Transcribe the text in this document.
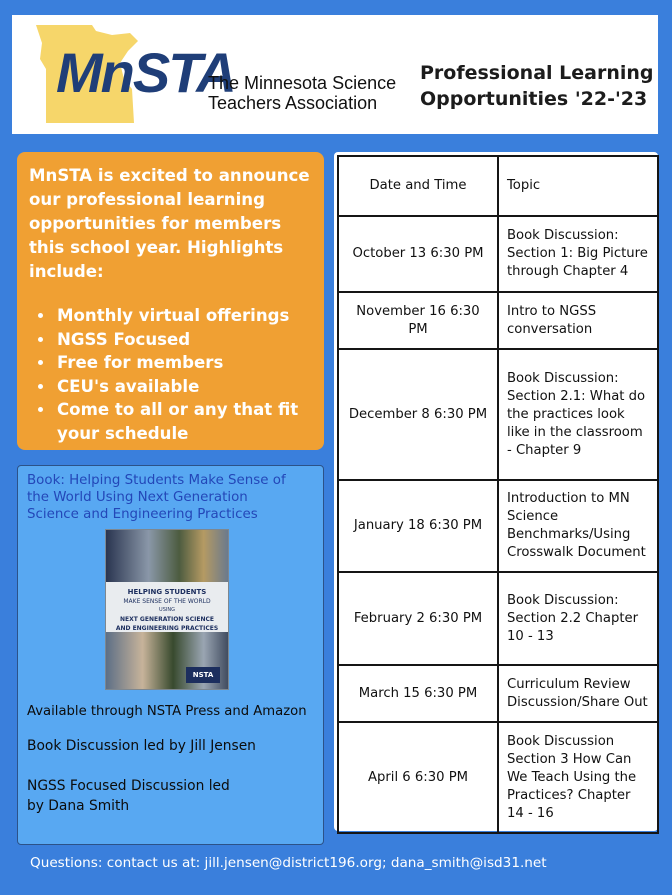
MnSTA
The Minnesota Science
Teachers Association
Professional Learning
Opportunities '22-'23
MnSTA is excited to announce our professional learning opportunities for members this school year. Highlights include:
• Monthly virtual offerings
• NGSS Focused
• Free for members
• CEU's available
• Come to all or any that fit your schedule
Book: Helping Students Make Sense of
the World Using Next Generation
Science and Engineering Practices
HELPING STUDENTS
MAKE SENSE OF THE WORLD
USING
NEXT GENERATION SCIENCE
AND ENGINEERING PRACTICES
NSTA
Available through NSTA Press and Amazon
Book Discussion led by Jill Jensen
NGSS Focused Discussion led
by Dana Smith
Date and Time	Topic
October 13 6:30 PM	Book Discussion: Section 1: Big Picture through Chapter 4
November 16 6:30 PM	Intro to NGSS conversation
December 8 6:30 PM	Book Discussion: Section 2.1: What do the practices look like in the classroom - Chapter 9
January 18 6:30 PM	Introduction to MN Science Benchmarks/Using Crosswalk Document
February 2 6:30 PM	Book Discussion: Section 2.2 Chapter 10 - 13
March 15 6:30 PM	Curriculum Review Discussion/Share Out
April 6 6:30 PM	Book Discussion Section 3 How Can We Teach Using the Practices? Chapter 14 - 16
Questions: contact us at: jill.jensen@district196.org; dana_smith@isd31.net
